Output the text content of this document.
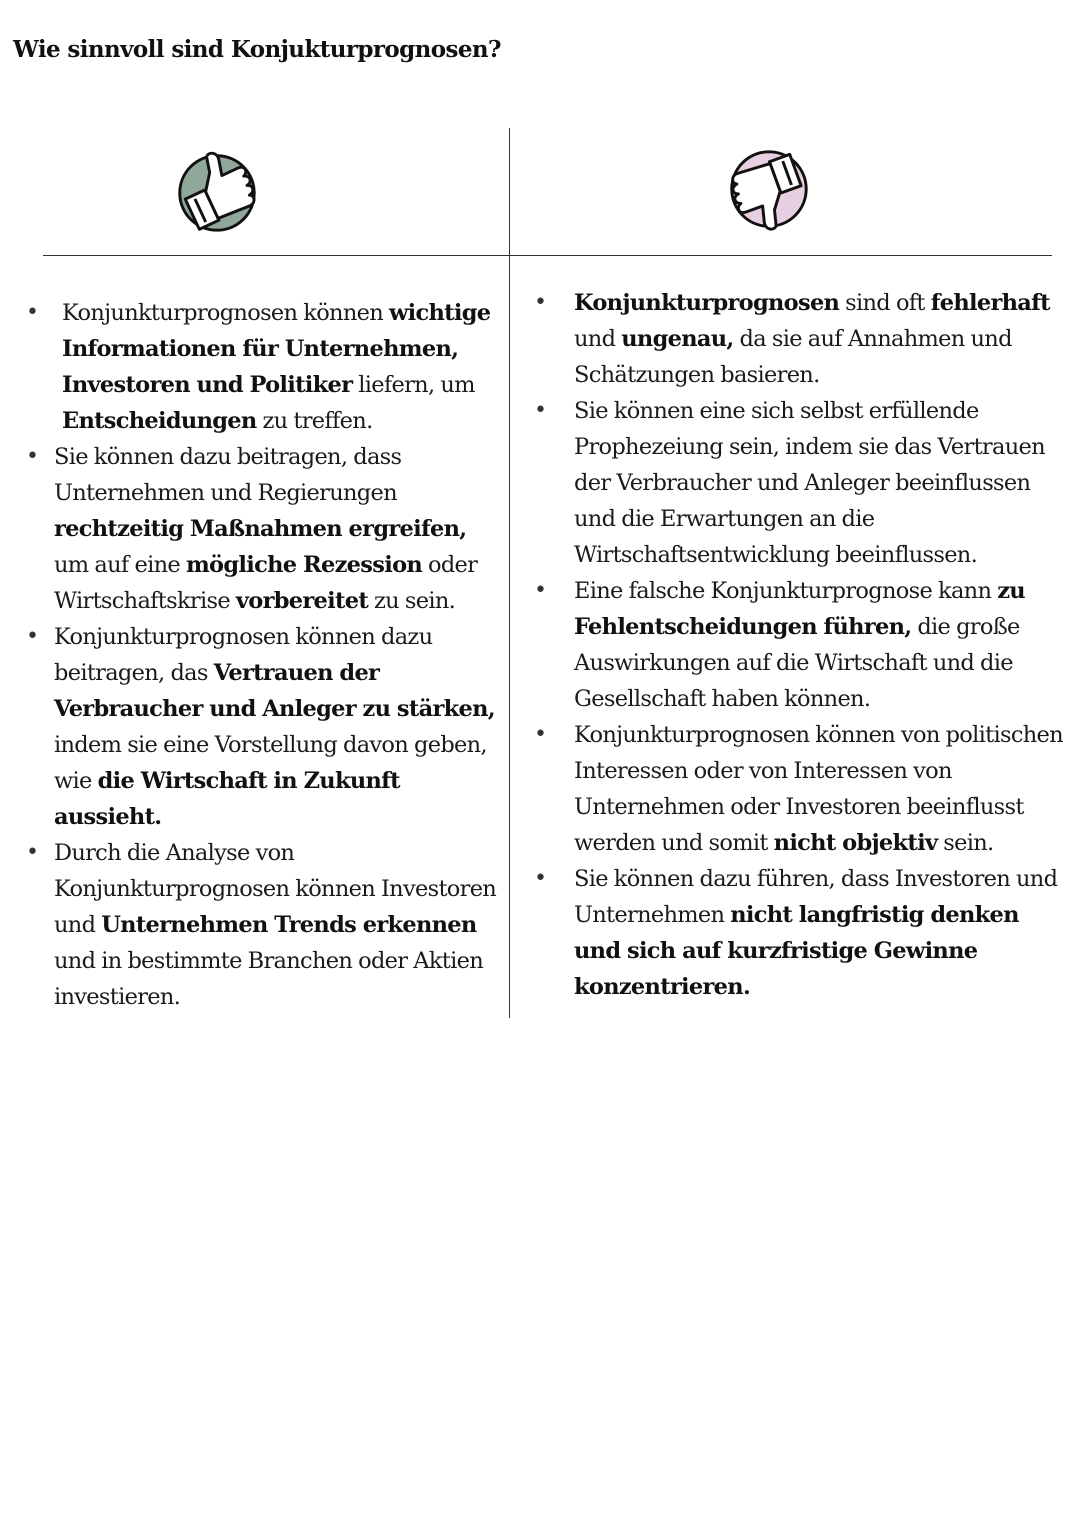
Wie sinnvoll sind Konjukturprognosen?
• Konjunkturprognosen können wichtige Informationen für Unternehmen, Investoren und Politiker liefern, um Entscheidungen zu treffen.
• Sie können dazu beitragen, dass Unternehmen und Regierungen rechtzeitig Maßnahmen ergreifen, um auf eine mögliche Rezession oder Wirtschaftskrise vorbereitet zu sein.
• Konjunkturprognosen können dazu beitragen, das Vertrauen der Verbraucher und Anleger zu stärken, indem sie eine Vorstellung davon geben, wie die Wirtschaft in Zukunft aussieht.
• Durch die Analyse von Konjunkturprognosen können Investoren und Unternehmen Trends erkennen und in bestimmte Branchen oder Aktien investieren.
• Konjunkturprognosen sind oft fehlerhaft und ungenau, da sie auf Annahmen und Schätzungen basieren.
• Sie können eine sich selbst erfüllende Prophezeiung sein, indem sie das Vertrauen der Verbraucher und Anleger beeinflussen und die Erwartungen an die Wirtschaftsentwicklung beeinflussen.
• Eine falsche Konjunkturprognose kann zu Fehlentscheidungen führen, die große Auswirkungen auf die Wirtschaft und die Gesellschaft haben können.
• Konjunkturprognosen können von politischen Interessen oder von Interessen von Unternehmen oder Investoren beeinflusst werden und somit nicht objektiv sein.
• Sie können dazu führen, dass Investoren und Unternehmen nicht langfristig denken und sich auf kurzfristige Gewinne konzentrieren.
